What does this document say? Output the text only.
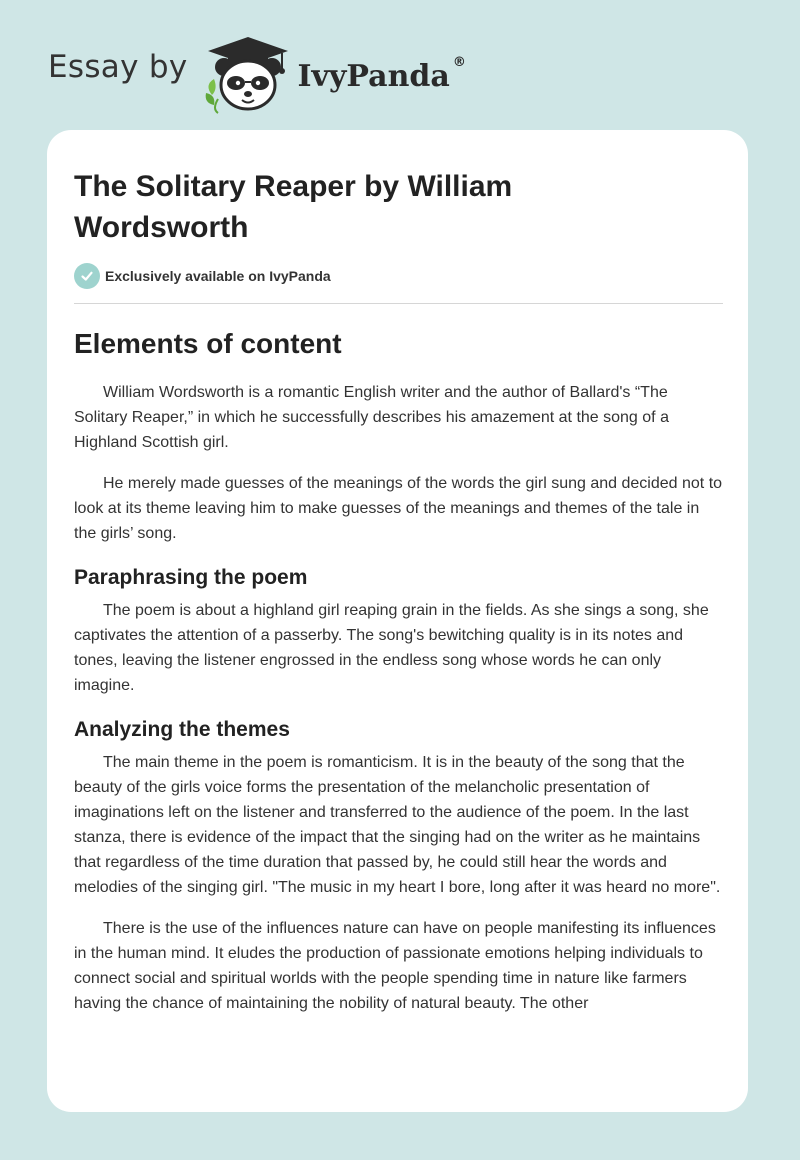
Essay by	IvyPanda ®
The Solitary Reaper by William Wordsworth
Exclusively available on IvyPanda
Elements of content

William Wordsworth is a romantic English writer and the author of Ballard's “The Solitary Reaper,” in which he successfully describes his amazement at the song of a Highland Scottish girl.

He merely made guesses of the meanings of the words the girl sung and decided not to look at its theme leaving him to make guesses of the meanings and themes of the tale in the girls’ song.

Paraphrasing the poem

The poem is about a highland girl reaping grain in the fields. As she sings a song, she captivates the attention of a passerby. The song's bewitching quality is in its notes and tones, leaving the listener engrossed in the endless song whose words he can only imagine.

Analyzing the themes

The main theme in the poem is romanticism. It is in the beauty of the song that the beauty of the girls voice forms the presentation of the melancholic presentation of imaginations left on the listener and transferred to the audience of the poem. In the last stanza, there is evidence of the impact that the singing had on the writer as he maintains that regardless of the time duration that passed by, he could still hear the words and melodies of the singing girl. "The music in my heart I bore, long after it was heard no more".

There is the use of the influences nature can have on people manifesting its influences in the human mind. It eludes the production of passionate emotions helping individuals to connect social and spiritual worlds with the people spending time in nature like farmers having the chance of maintaining the nobility of natural beauty. The other
